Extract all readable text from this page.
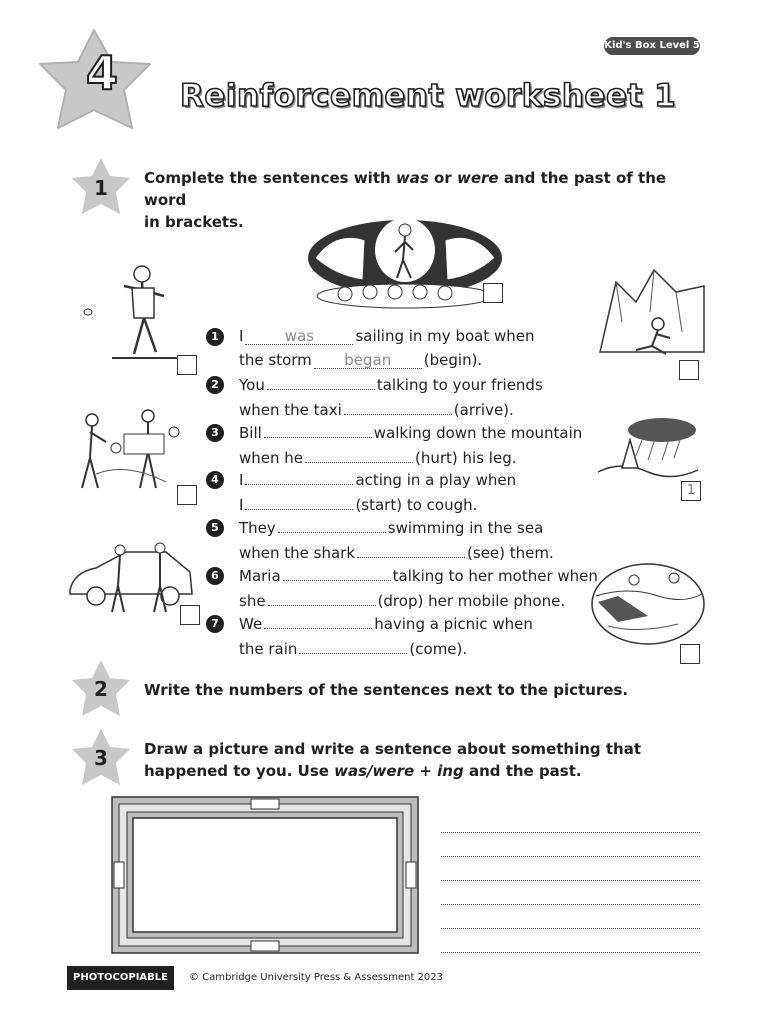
4
Kid's Box Level 5
Reinforcement worksheet 1
1	Complete the sentences with was or were and the past of the word
in brackets.
1
1	I	was	sailing in my boat when
the storm began (begin).
2	You	talking to your friends
when the taxi	(arrive).
3	Bill	walking down the mountain
when he	(hurt) his leg.
4	I	acting in a play when
I	(start) to cough.
5	They	swimming in the sea
when the shark	(see) them.
6	Maria	talking to her mother when
she	(drop) her mobile phone.
7	We	having a picnic when
the rain	(come).
2	Write the numbers of the sentences next to the pictures.
3	Draw a picture and write a sentence about something that
happened to you. Use was/were + ing and the past.
PHOTOCOPIABLE	© Cambridge University Press & Assessment 2023
